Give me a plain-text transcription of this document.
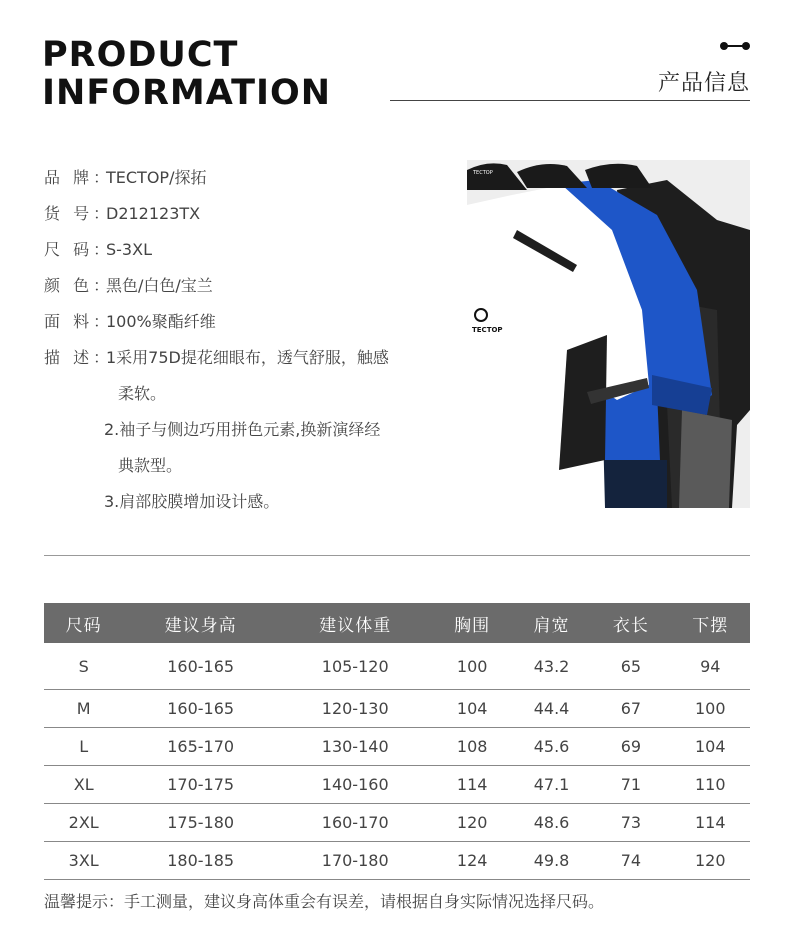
PRODUCT
INFORMATION	产品信息
品 牌：
TECTOP/探拓
货 号：
D212123TX
尺 码：
S-3XL
颜 色：
黑色/白色/宝兰
面 料：
100%聚酯纤维
描 述：
1采用75D提花细眼布，透气舒服，触感
柔软。
2.袖子与侧边巧用拼色元素,换新演绎经
典款型。
3.肩部胶膜增加设计感。
TECTOP
TECTOP
尺码	建议身高	建议体重	胸围	肩宽	衣长	下摆
S	160-165	105-120	100	43.2	65	94
M	160-165	120-130	104	44.4	67	100
L	165-170	130-140	108	45.6	69	104
XL	170-175	140-160	114	47.1	71	110
2XL	175-180	160-170	120	48.6	73	114
3XL	180-185	170-180	124	49.8	74	120
温馨提示：手工测量，建议身高体重会有误差，请根据自身实际情况选择尺码。
